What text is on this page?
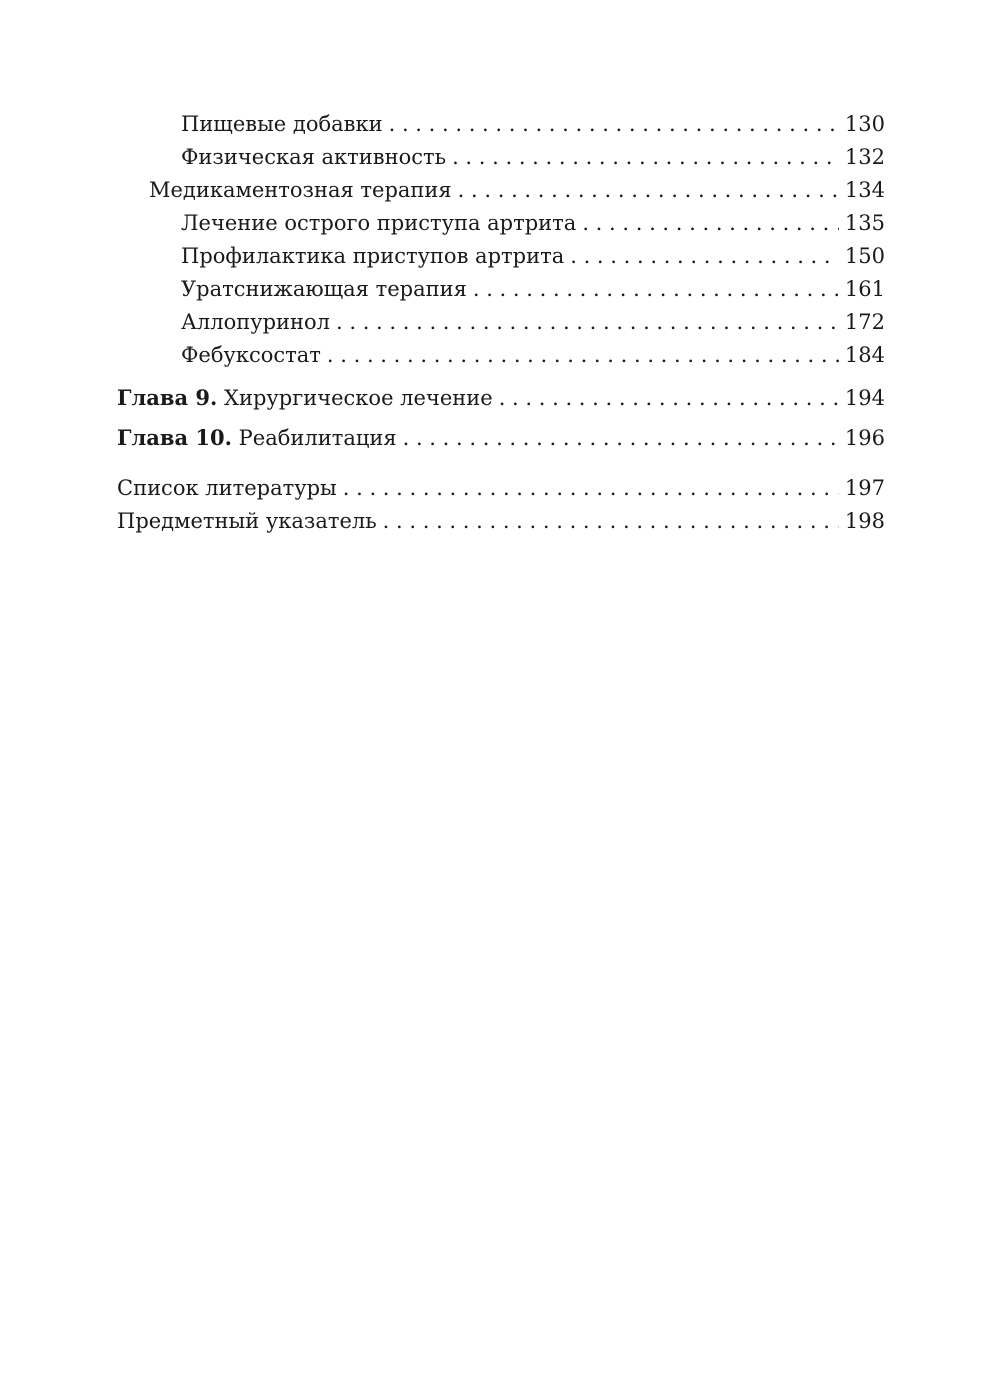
Пищевые добавки . . .	130
Физическая активность . . .	132
Медикаментозная терапия . . .	134
Лечение острого приступа артрита . . .	135
Профилактика приступов артрита . . .	150
Уратснижающая терапия . . .	161
Аллопуринол . . .	172
Фебуксостат . . .	184
Глава 9. Хирургическое лечение . . .	194
Глава 10. Реабилитация . . .	196
Список литературы . . .	197
Предметный указатель . . .	198
